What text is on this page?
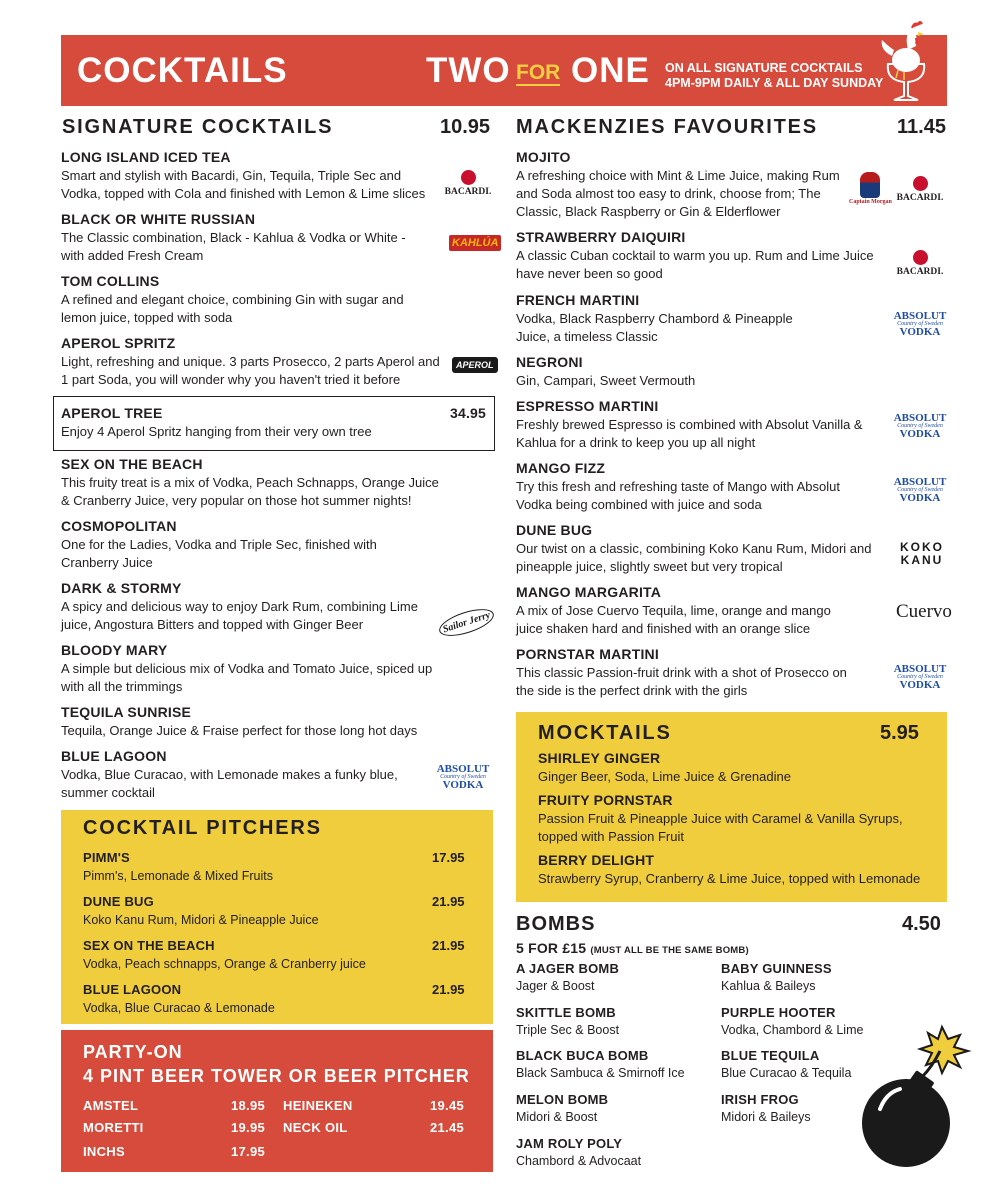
COCKTAILS	TWO FOR ONE ON ALL SIGNATURE COCKTAILS
4PM-9PM DAILY & ALL DAY SUNDAY
SIGNATURE COCKTAILS	10.95
LONG ISLAND ICED TEA
Smart and stylish with Bacardi, Gin, Tequila, Triple Sec and Vodka, topped with Cola and finished with Lemon & Lime slices	BACARDI.
BLACK OR WHITE RUSSIAN
The Classic combination, Black - Kahlua & Vodka or White - with added Fresh Cream
KAHLÚA
TOM COLLINS
A refined and elegant choice, combining Gin with sugar and lemon juice, topped with soda
APEROL SPRITZ
Light, refreshing and unique. 3 parts Prosecco, 2 parts Aperol and 1 part Soda, you will wonder why you haven't tried it before
APEROL
APEROL TREE	34.95
Enjoy 4 Aperol Spritz hanging from their very own tree
SEX ON THE BEACH
This fruity treat is a mix of Vodka, Peach Schnapps, Orange Juice & Cranberry Juice, very popular on those hot summer nights!
COSMOPOLITAN
One for the Ladies, Vodka and Triple Sec, finished with Cranberry Juice
DARK & STORMY
A spicy and delicious way to enjoy Dark Rum, combining Lime juice, Angostura Bitters and topped with Ginger Beer	Sailor Jerry
BLOODY MARY
A simple but delicious mix of Vodka and Tomato Juice, spiced up with all the trimmings
TEQUILA SUNRISE
Tequila, Orange Juice & Fraise perfect for those long hot days
BLUE LAGOON
Vodka, Blue Curacao, with Lemonade makes a funky blue, summer cocktail
ABSOLUT
Country of Sweden
VODKA
COCKTAIL PITCHERS
PIMM'S	17.95
Pimm's, Lemonade & Mixed Fruits
DUNE BUG	21.95
Koko Kanu Rum, Midori & Pineapple Juice
SEX ON THE BEACH	21.95
Vodka, Peach schnapps, Orange & Cranberry juice
BLUE LAGOON	21.95
Vodka, Blue Curacao & Lemonade
PARTY-ON
4 PINT BEER TOWER OR BEER PITCHER
AMSTEL	18.95
MORETTI	19.95
INCHS	17.95
HEINEKEN	19.45
NECK OIL	21.45
MACKENZIES FAVOURITES	11.45
MOJITO
A refreshing choice with Mint & Lime Juice, making Rum and Soda almost too easy to drink, choose from; The Classic, Black Raspberry or Gin & Elderflower
Captain Morgan BACARDI.
STRAWBERRY DAIQUIRI
A classic Cuban cocktail to warm you up. Rum and Lime Juice have never been so good	BACARDI.
FRENCH MARTINI
Vodka, Black Raspberry Chambord & Pineapple Juice, a timeless Classic
ABSOLUT
Country of Sweden
VODKA
NEGRONI
Gin, Campari, Sweet Vermouth
ESPRESSO MARTINI
Freshly brewed Espresso is combined with Absolut Vanilla & Kahlua for a drink to keep you up all night
ABSOLUT
Country of Sweden
VODKA
MANGO FIZZ
Try this fresh and refreshing taste of Mango with Absolut Vodka being combined with juice and soda
ABSOLUT
Country of Sweden
VODKA
DUNE BUG
Our twist on a classic, combining Koko Kanu Rum, Midori and pineapple juice, slightly sweet but very tropical
KOKO
KANU
MANGO MARGARITA
A mix of Jose Cuervo Tequila, lime, orange and mango juice shaken hard and finished with an orange slice
Cuervo
PORNSTAR MARTINI
This classic Passion-fruit drink with a shot of Prosecco on the side is the perfect drink with the girls
ABSOLUT
Country of Sweden
VODKA
MOCKTAILS	5.95
SHIRLEY GINGER
Ginger Beer, Soda, Lime Juice & Grenadine
FRUITY PORNSTAR
Passion Fruit & Pineapple Juice with Caramel & Vanilla Syrups, topped with Passion Fruit
BERRY DELIGHT
Strawberry Syrup, Cranberry & Lime Juice, topped with Lemonade
BOMBS	4.50
5 FOR £15 (MUST ALL BE THE SAME BOMB)
A JAGER BOMB
Jager & Boost
SKITTLE BOMB
Triple Sec & Boost
BLACK BUCA BOMB
Black Sambuca & Smirnoff Ice
MELON BOMB
Midori & Boost
JAM ROLY POLY
Chambord & Advocaat
BABY GUINNESS
Kahlua & Baileys
PURPLE HOOTER
Vodka, Chambord & Lime
BLUE TEQUILA
Blue Curacao & Tequila
IRISH FROG
Midori & Baileys
